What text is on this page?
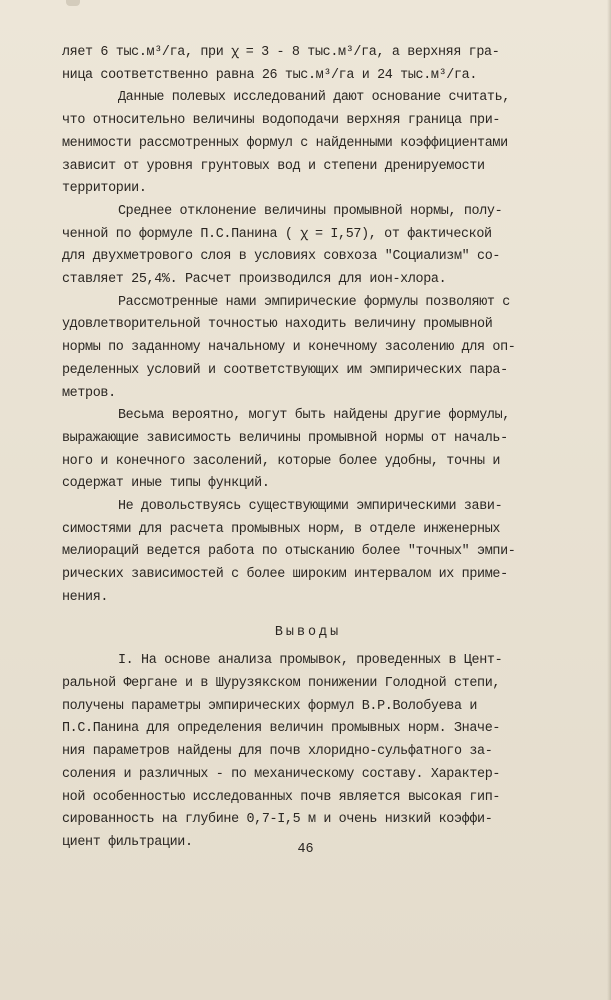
ляет 6 тыс.м³/га, при ꭓ = 3 - 8 тыс.м³/га, а верхняя гра-
ница соответственно равна 26 тыс.м³/га и 24 тыс.м³/га.
Данные полевых исследований дают основание считать,
что относительно величины водоподачи верхняя граница при-
менимости рассмотренных формул с найденными коэффициентами
зависит от уровня грунтовых вод и степени дренируемости
территории.
Среднее отклонение величины промывной нормы, полу-
ченной по формуле П.С.Панина ( ꭓ = I,57), от фактической
для двухметрового слоя в условиях совхоза "Социализм" со-
ставляет 25,4%. Расчет производился для ион-хлора.
Рассмотренные нами эмпирические формулы позволяют с
удовлетворительной точностью находить величину промывной
нормы по заданному начальному и конечному засолению для оп-
ределенных условий и соответствующих им эмпирических пара-
метров.
Весьма вероятно, могут быть найдены другие формулы,
выражающие зависимость величины промывной нормы от началь-
ного и конечного засолений, которые более удобны, точны и
содержат иные типы функций.
Не довольствуясь существующими эмпирическими зави-
симостями для расчета промывных норм, в отделе инженерных
мелиораций ведется работа по отысканию более "точных" эмпи-
рических зависимостей с более широким интервалом их приме-
нения.
Выводы
I. На основе анализа промывок, проведенных в Цент-
ральной Фергане и в Шурузякском понижении Голодной степи,
получены параметры эмпирических формул В.Р.Волобуева и
П.С.Панина для определения величин промывных норм. Значе-
ния параметров найдены для почв хлоридно-сульфатного за-
соления и различных - по механическому составу. Характер-
ной особенностью исследованных почв является высокая гип-
сированность на глубине 0,7-I,5 м и очень низкий коэффи-
циент фильтрации.	46
